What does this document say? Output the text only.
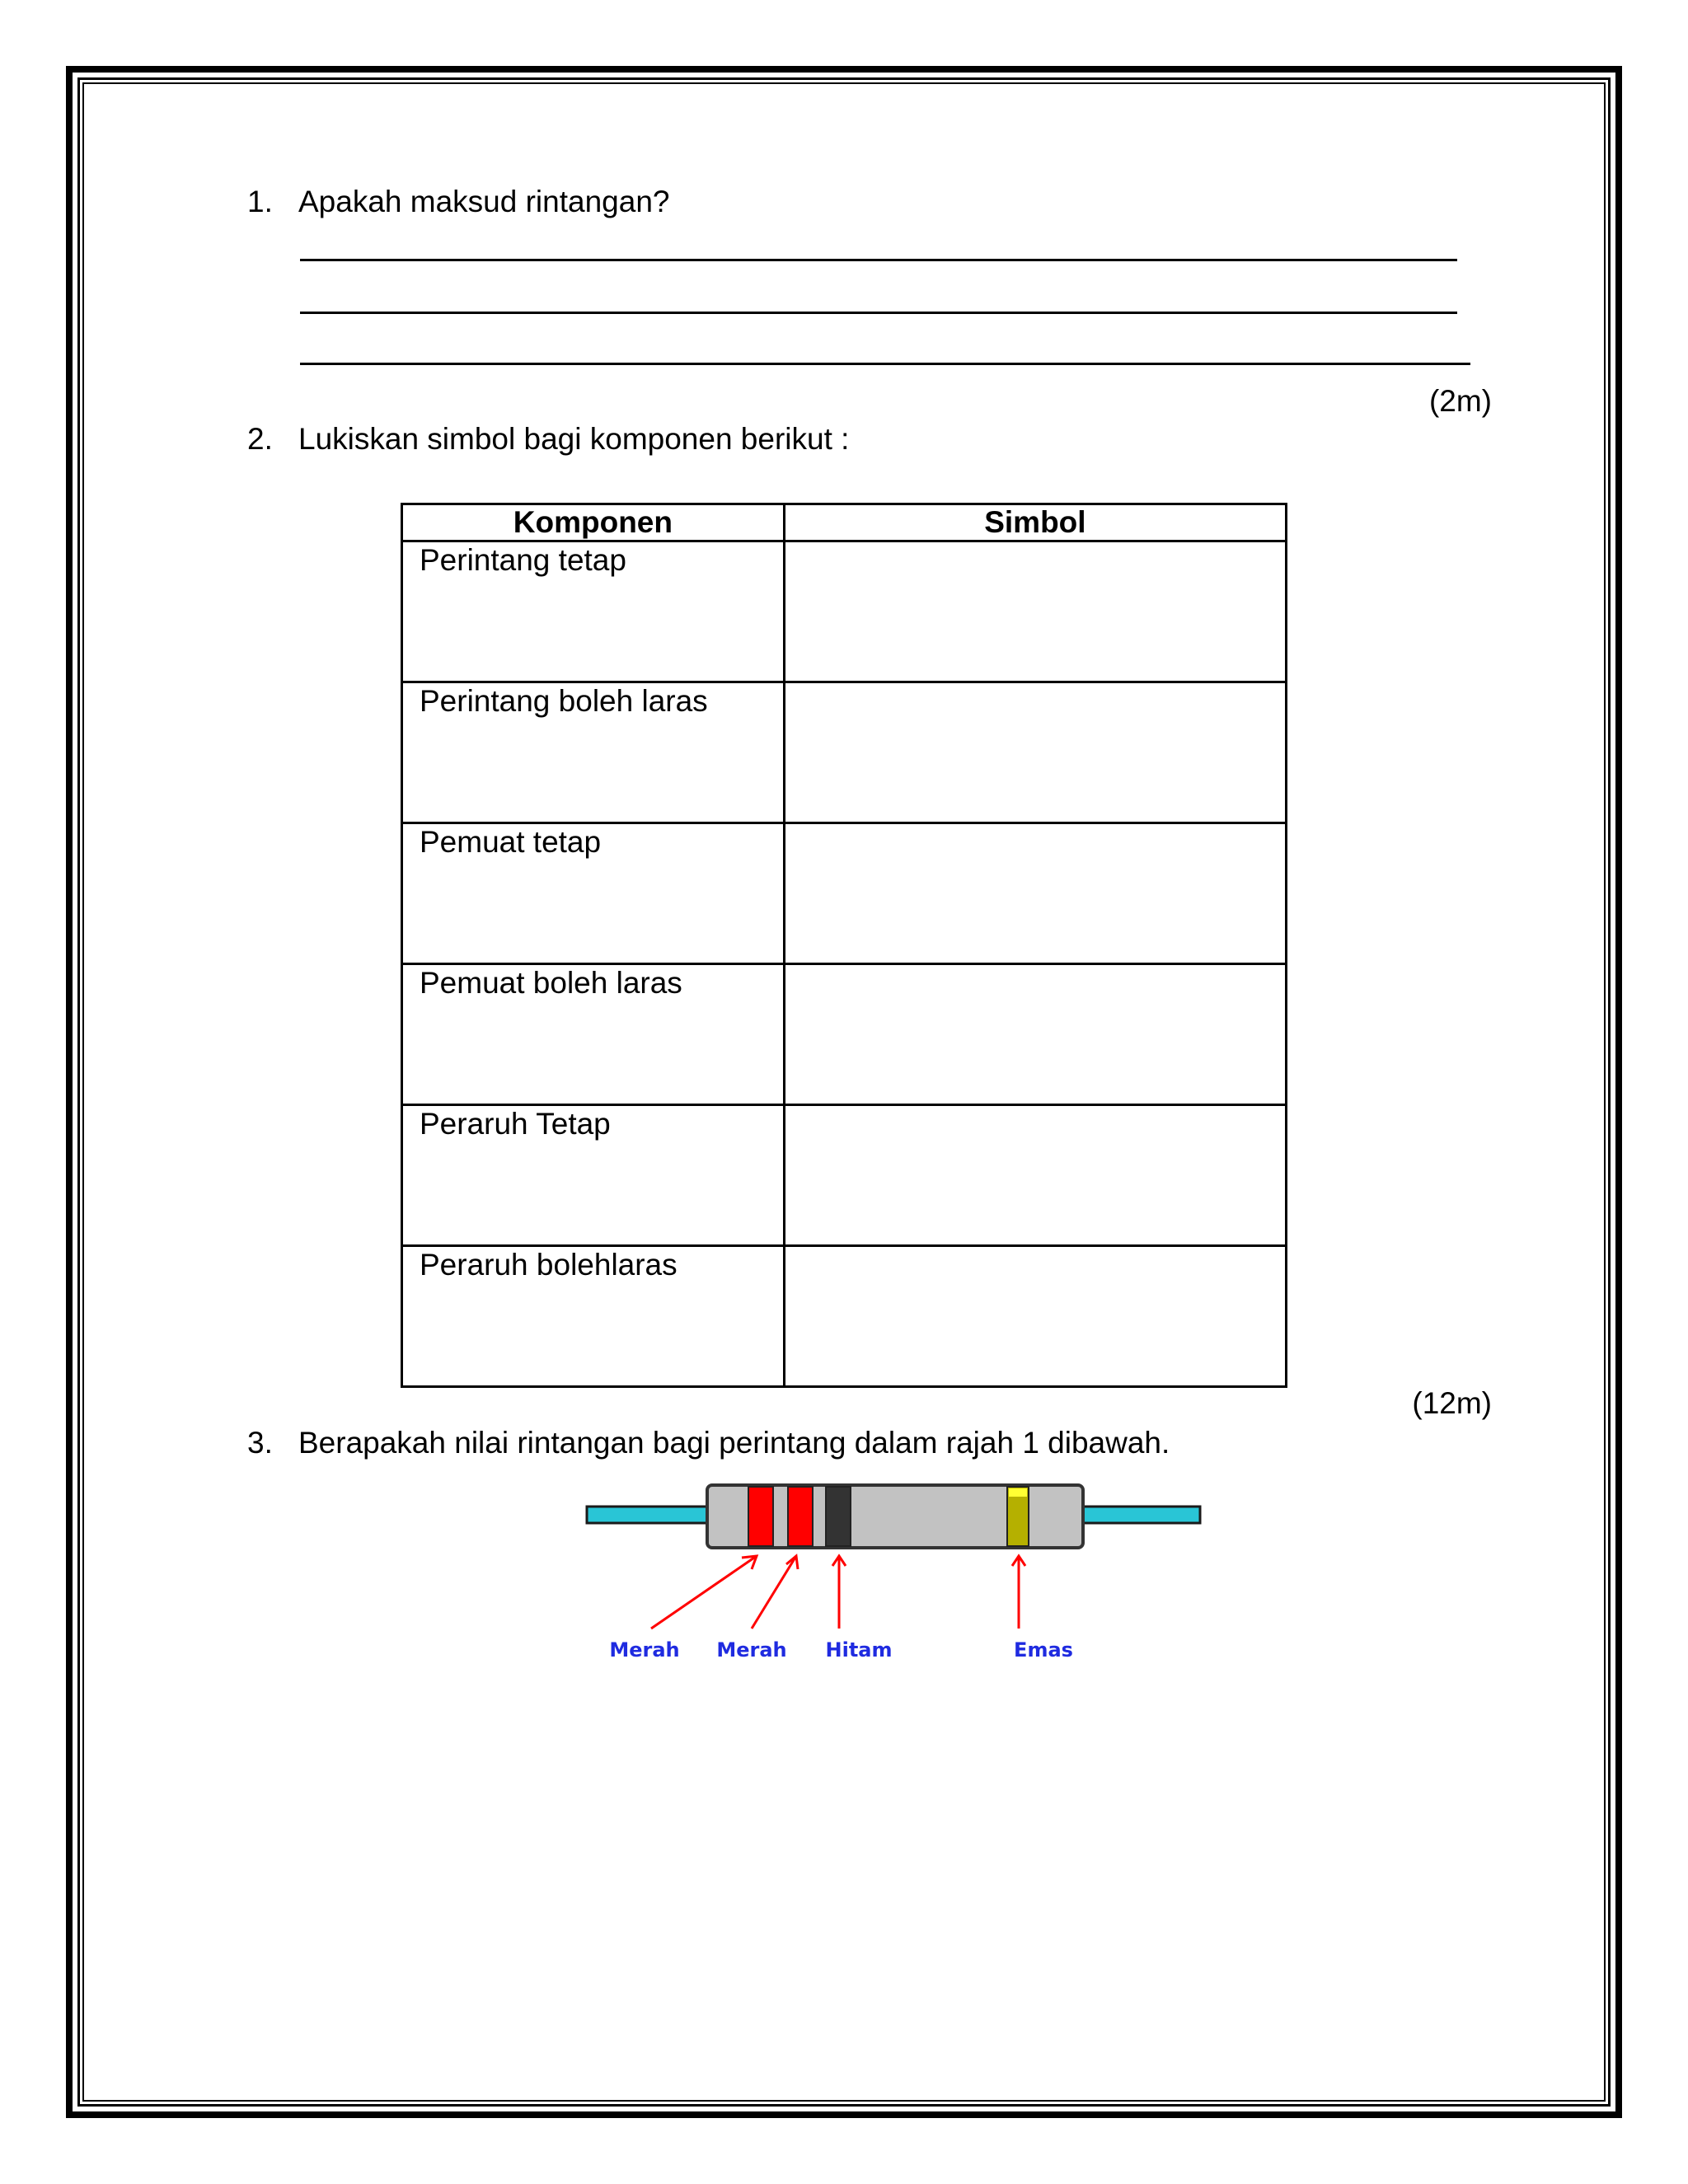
1. Apakah maksud rintangan?
(2m)
2. Lukiskan simbol bagi komponen berikut :
Komponen	Simbol
Perintang tetap	
Perintang boleh laras	
Pemuat tetap	
Pemuat boleh laras	
Peraruh Tetap	
Peraruh bolehlaras	
(12m)
3. Berapakah nilai rintangan bagi perintang dalam rajah 1 dibawah.
Merah Merah Hitam	Emas
